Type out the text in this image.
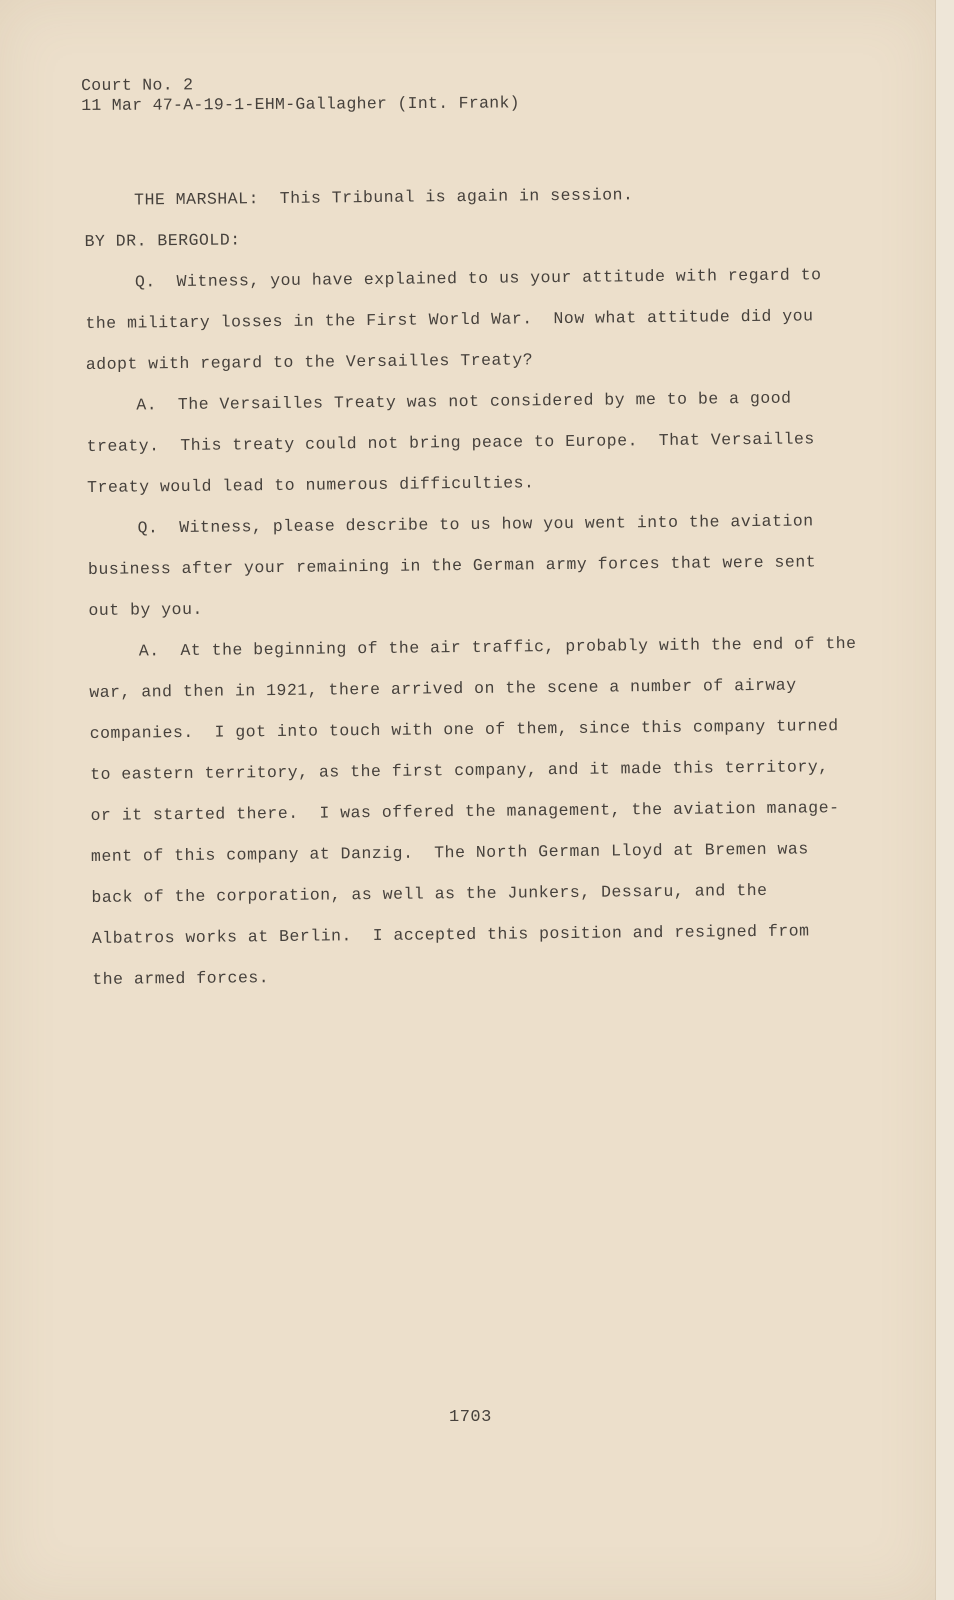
Court No. 2
11 Mar 47-A-19-1-EHM-Gallagher (Int. Frank)
THE MARSHAL:  This Tribunal is again in session.
BY DR. BERGOLD:
Q.  Witness, you have explained to us your attitude with regard to
the military losses in the First World War.  Now what attitude did you
adopt with regard to the Versailles Treaty?
A.  The Versailles Treaty was not considered by me to be a good
treaty.  This treaty could not bring peace to Europe.  That Versailles
Treaty would lead to numerous difficulties.
Q.  Witness, please describe to us how you went into the aviation
business after your remaining in the German army forces that were sent
out by you.
A.  At the beginning of the air traffic, probably with the end of the
war, and then in 1921, there arrived on the scene a number of airway
companies.  I got into touch with one of them, since this company turned
to eastern territory, as the first company, and it made this territory,
or it started there.  I was offered the management, the aviation manage-
ment of this company at Danzig.  The North German Lloyd at Bremen was
back of the corporation, as well as the Junkers, Dessaru, and the
Albatros works at Berlin.  I accepted this position and resigned from
the armed forces.
1703
